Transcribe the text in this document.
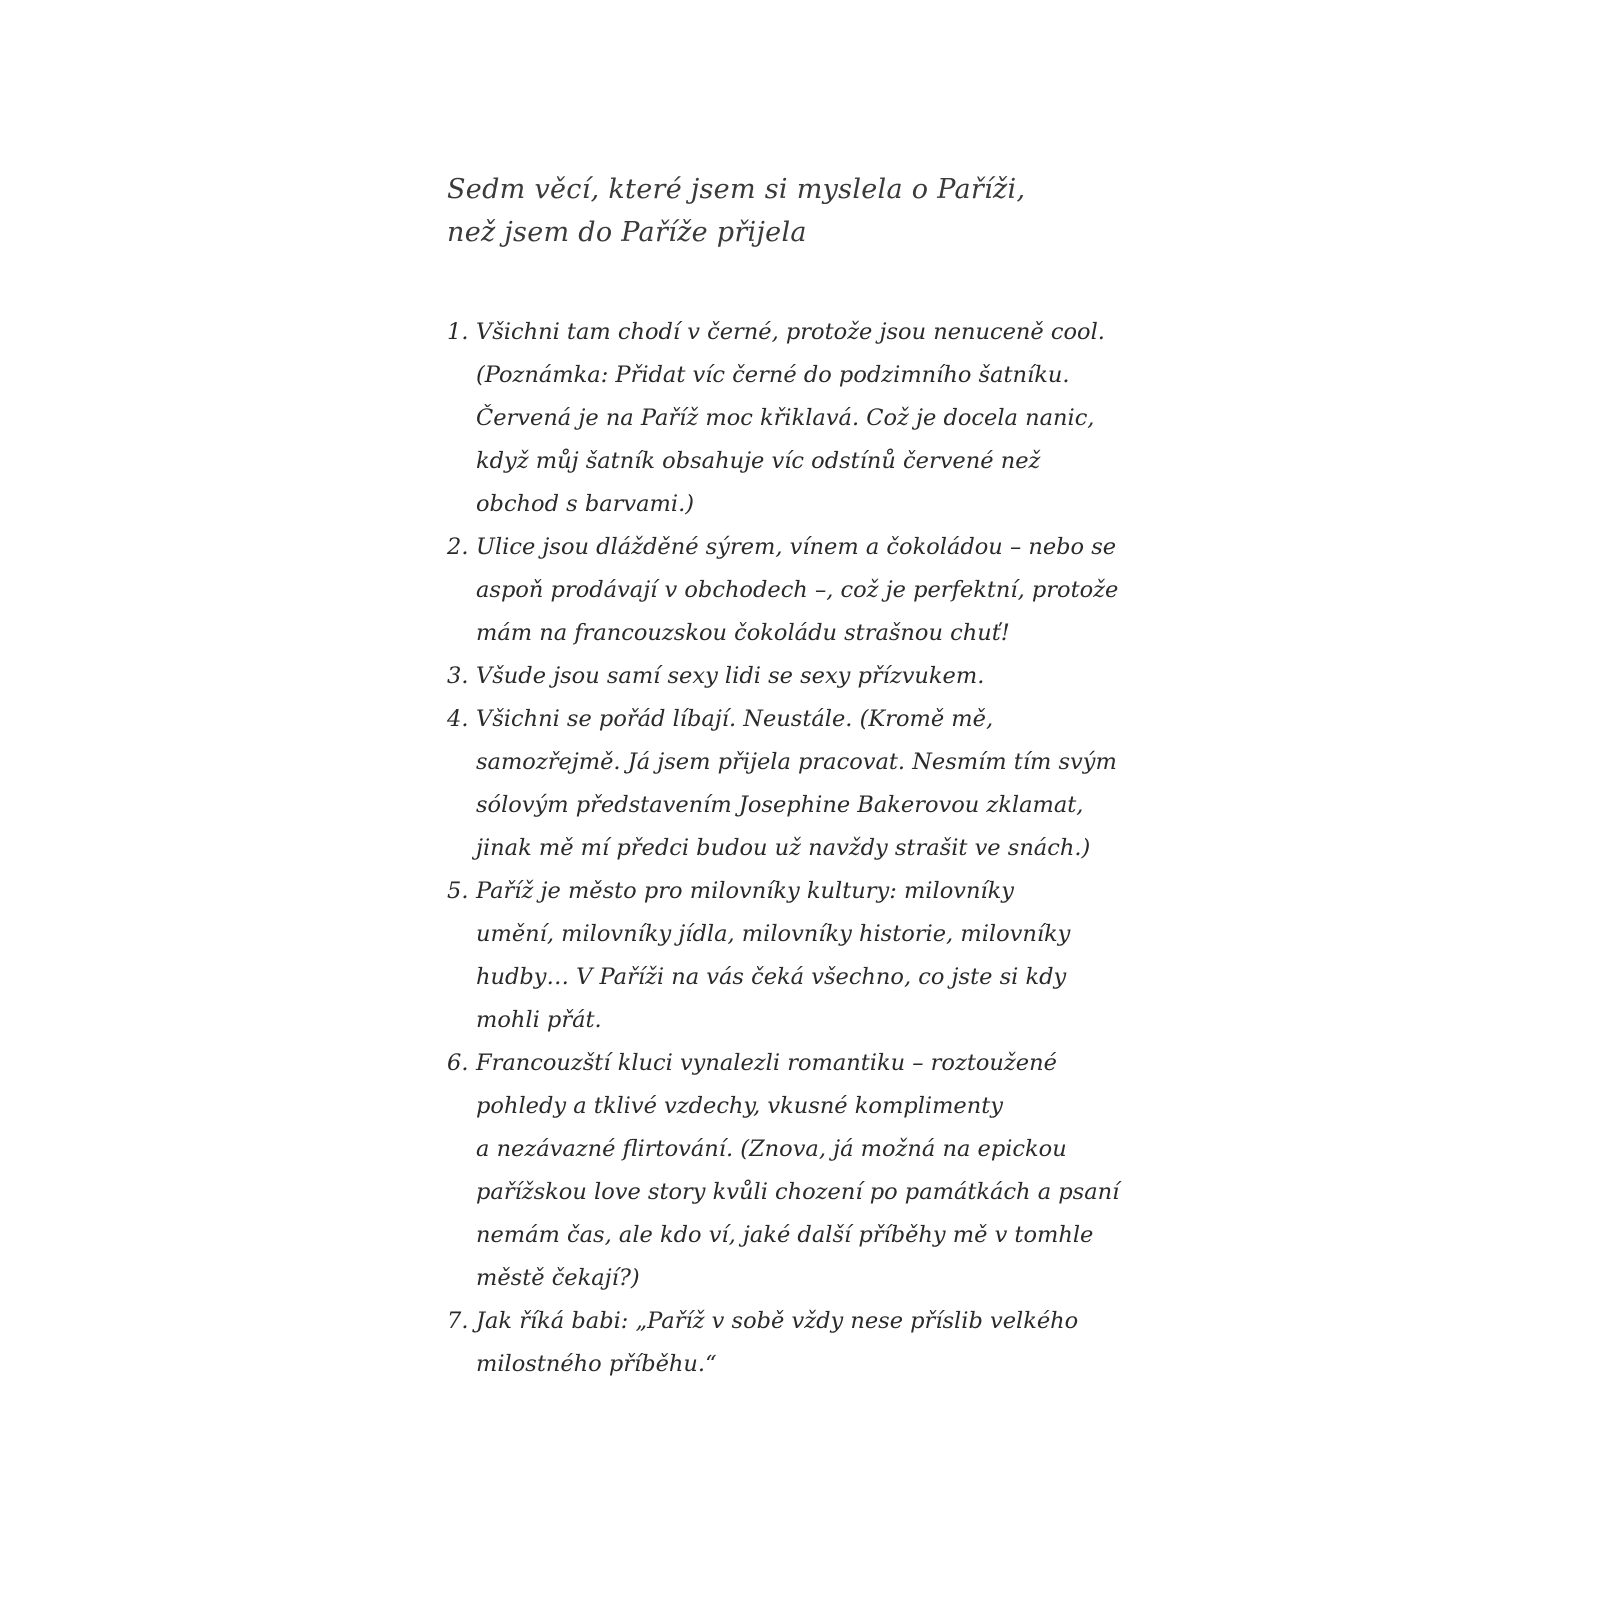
Sedm věcí, které jsem si myslela o Paříži,
než jsem do Paříže přijela
1. Všichni tam chodí v černé, protože jsou nenuceně cool.
(Poznámka: Přidat víc černé do podzimního šatníku.
Červená je na Paříž moc křiklavá. Což je docela nanic,
když můj šatník obsahuje víc odstínů červené než
obchod s barvami.)
2. Ulice jsou dlážděné sýrem, vínem a čokoládou – nebo se
aspoň prodávají v obchodech –, což je perfektní, protože
mám na francouzskou čokoládu strašnou chuť!
3. Všude jsou samí sexy lidi se sexy přízvukem.
4. Všichni se pořád líbají. Neustále. (Kromě mě,
samozřejmě. Já jsem přijela pracovat. Nesmím tím svým
sólovým představením Josephine Bakerovou zklamat,
jinak mě mí předci budou už navždy strašit ve snách.)
5. Paříž je město pro milovníky kultury: milovníky
umění, milovníky jídla, milovníky historie, milovníky
hudby… V Paříži na vás čeká všechno, co jste si kdy
mohli přát.
6. Francouzští kluci vynalezli romantiku – roztoužené
pohledy a tklivé vzdechy, vkusné komplimenty
a nezávazné flirtování. (Znova, já možná na epickou
pařížskou love story kvůli chození po památkách a psaní
nemám čas, ale kdo ví, jaké další příběhy mě v tomhle
městě čekají?)
7. Jak říká babi: „Paříž v sobě vždy nese příslib velkého
milostného příběhu.“
